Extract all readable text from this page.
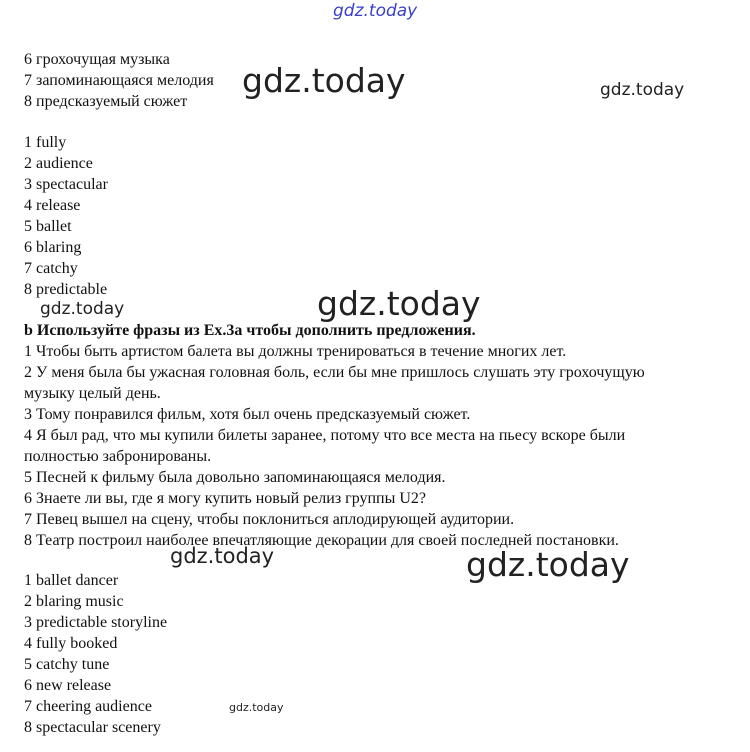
6 грохочущая музыка
7 запоминающаяся мелодия
8 предсказуемый сюжет
1 fully
2 audience
3 spectacular
4 release
5 ballet
6 blaring
7 catchy
8 predictable
b Используйте фразы из Ex.3a чтобы дополнить предложения.
1 Чтобы быть артистом балета вы должны тренироваться в течение многих лет.
2 У меня была бы ужасная головная боль, если бы мне пришлось слушать эту грохочущую
музыку целый день.
3 Тому понравился фильм, хотя был очень предсказуемый сюжет.
4 Я был рад, что мы купили билеты заранее, потому что все места на пьесу вскоре были
полностью забронированы.
5 Песней к фильму была довольно запоминающаяся мелодия.
6 Знаете ли вы, где я могу купить новый релиз группы U2?
7 Певец вышел на сцену, чтобы поклониться аплодирующей аудитории.
8 Театр построил наиболее впечатляющие декорации для своей последней постановки.
1 ballet dancer
2 blaring music
3 predictable storyline
4 fully booked
5 catchy tune
6 new release
7 cheering audience
8 spectacular scenery
gdz.today
gdz.today	gdz.today
gdz.today	gdz.today
gdz.today	gdz.today
gdz.today
